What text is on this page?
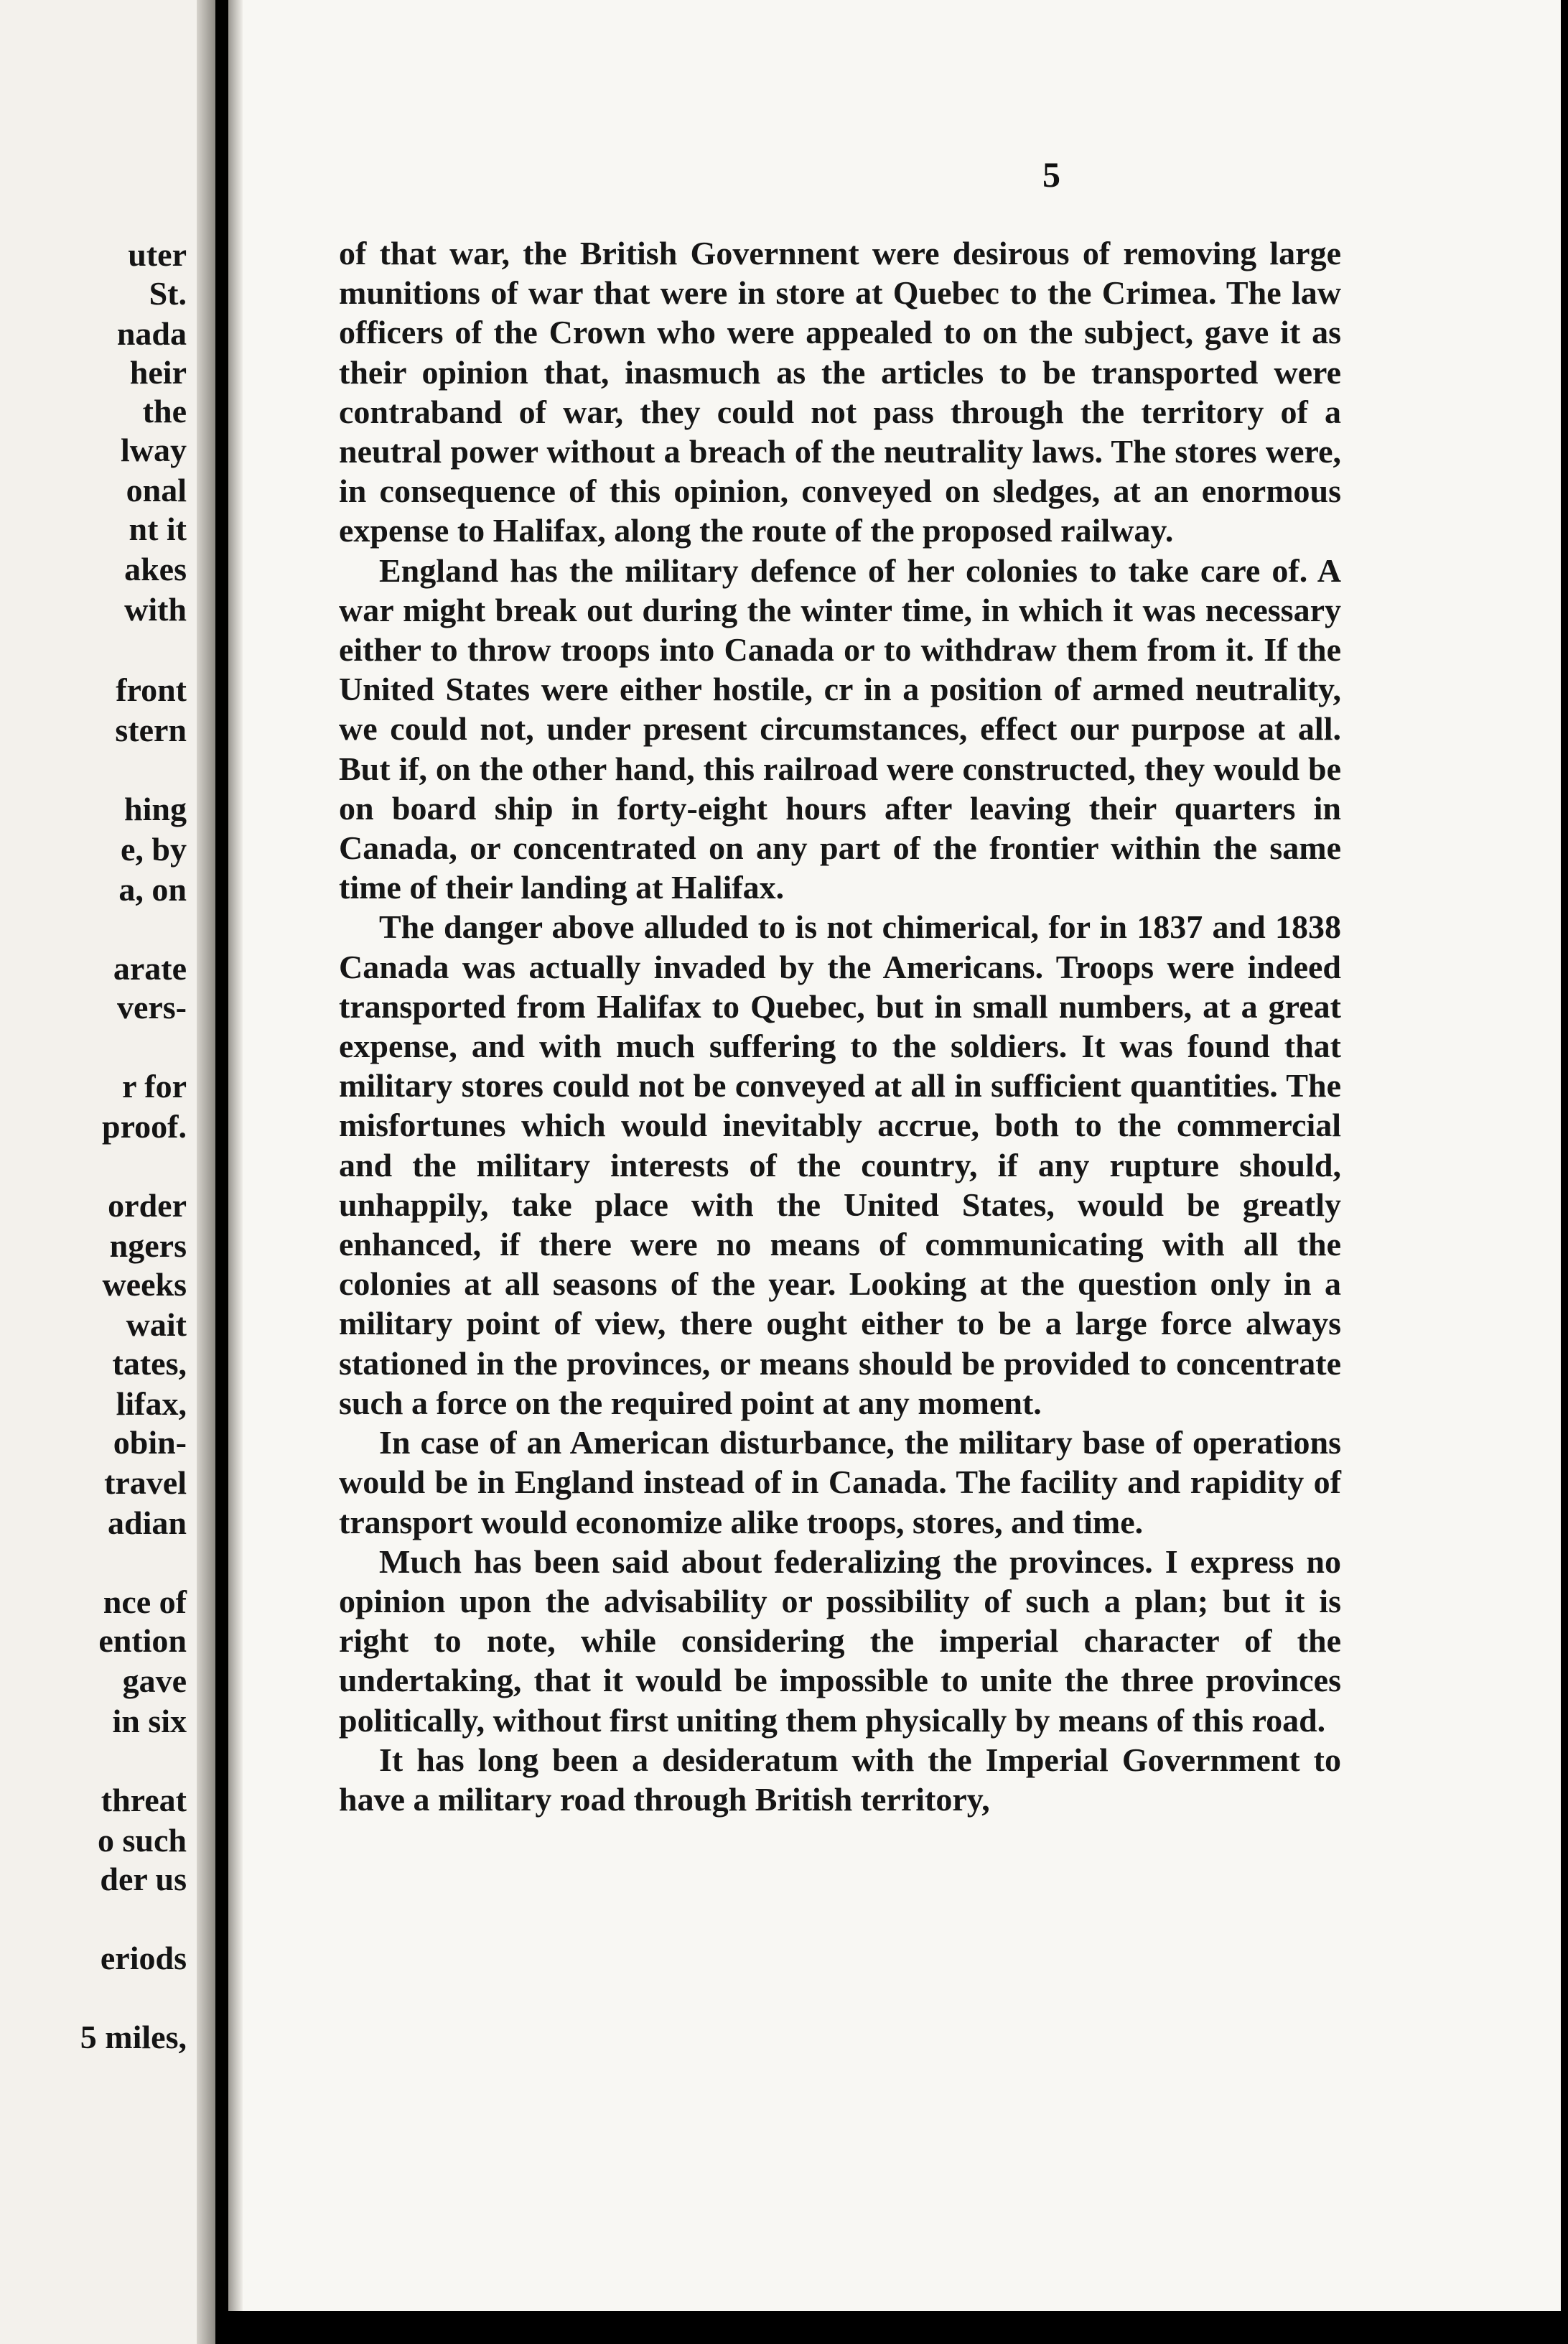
uter
St.
nada
heir
the
lway
onal
nt it
akes
with
front
stern
hing
e, by
a, on
arate
vers-
r for
proof.
order
ngers
weeks
wait
tates,
lifax,
obin-
travel
adian
nce of
ention
gave
in six
threat
o such
der us
eriods
5 miles,
5

of that war, the British Governnent were desirous of removing large munitions of war that were in store at Quebec to the Crimea. The law officers of the Crown who were appealed to on the subject, gave it as their opinion that, inasmuch as the articles to be transported were contraband of war, they could not pass through the territory of a neutral power without a breach of the neutrality laws. The stores were, in consequence of this opinion, conveyed on sledges, at an enormous expense to Halifax, along the route of the proposed railway.

England has the military defence of her colonies to take care of. A war might break out during the winter time, in which it was necessary either to throw troops into Canada or to withdraw them from it. If the United States were either hostile, cr in a position of armed neutrality, we could not, under present circumstances, effect our purpose at all. But if, on the other hand, this railroad were constructed, they would be on board ship in forty-eight hours after leaving their quarters in Canada, or concentrated on any part of the frontier within the same time of their landing at Halifax.

The danger above alluded to is not chimerical, for in 1837 and 1838 Canada was actually invaded by the Americans. Troops were indeed transported from Halifax to Quebec, but in small numbers, at a great expense, and with much suffering to the soldiers. It was found that military stores could not be conveyed at all in sufficient quantities. The misfortunes which would inevitably accrue, both to the commercial and the military interests of the country, if any rupture should, unhappily, take place with the United States, would be greatly enhanced, if there were no means of communicating with all the colonies at all seasons of the year. Looking at the question only in a military point of view, there ought either to be a large force always stationed in the provinces, or means should be provided to concentrate such a force on the required point at any moment.

In case of an American disturbance, the military base of operations would be in England instead of in Canada. The facility and rapidity of transport would economize alike troops, stores, and time.

Much has been said about federalizing the provinces. I express no opinion upon the advisability or possibility of such a plan; but it is right to note, while considering the imperial character of the undertaking, that it would be impossible to unite the three provinces politically, without first uniting them physically by means of this road.

It has long been a desideratum with the Imperial Government to have a military road through British territory,
